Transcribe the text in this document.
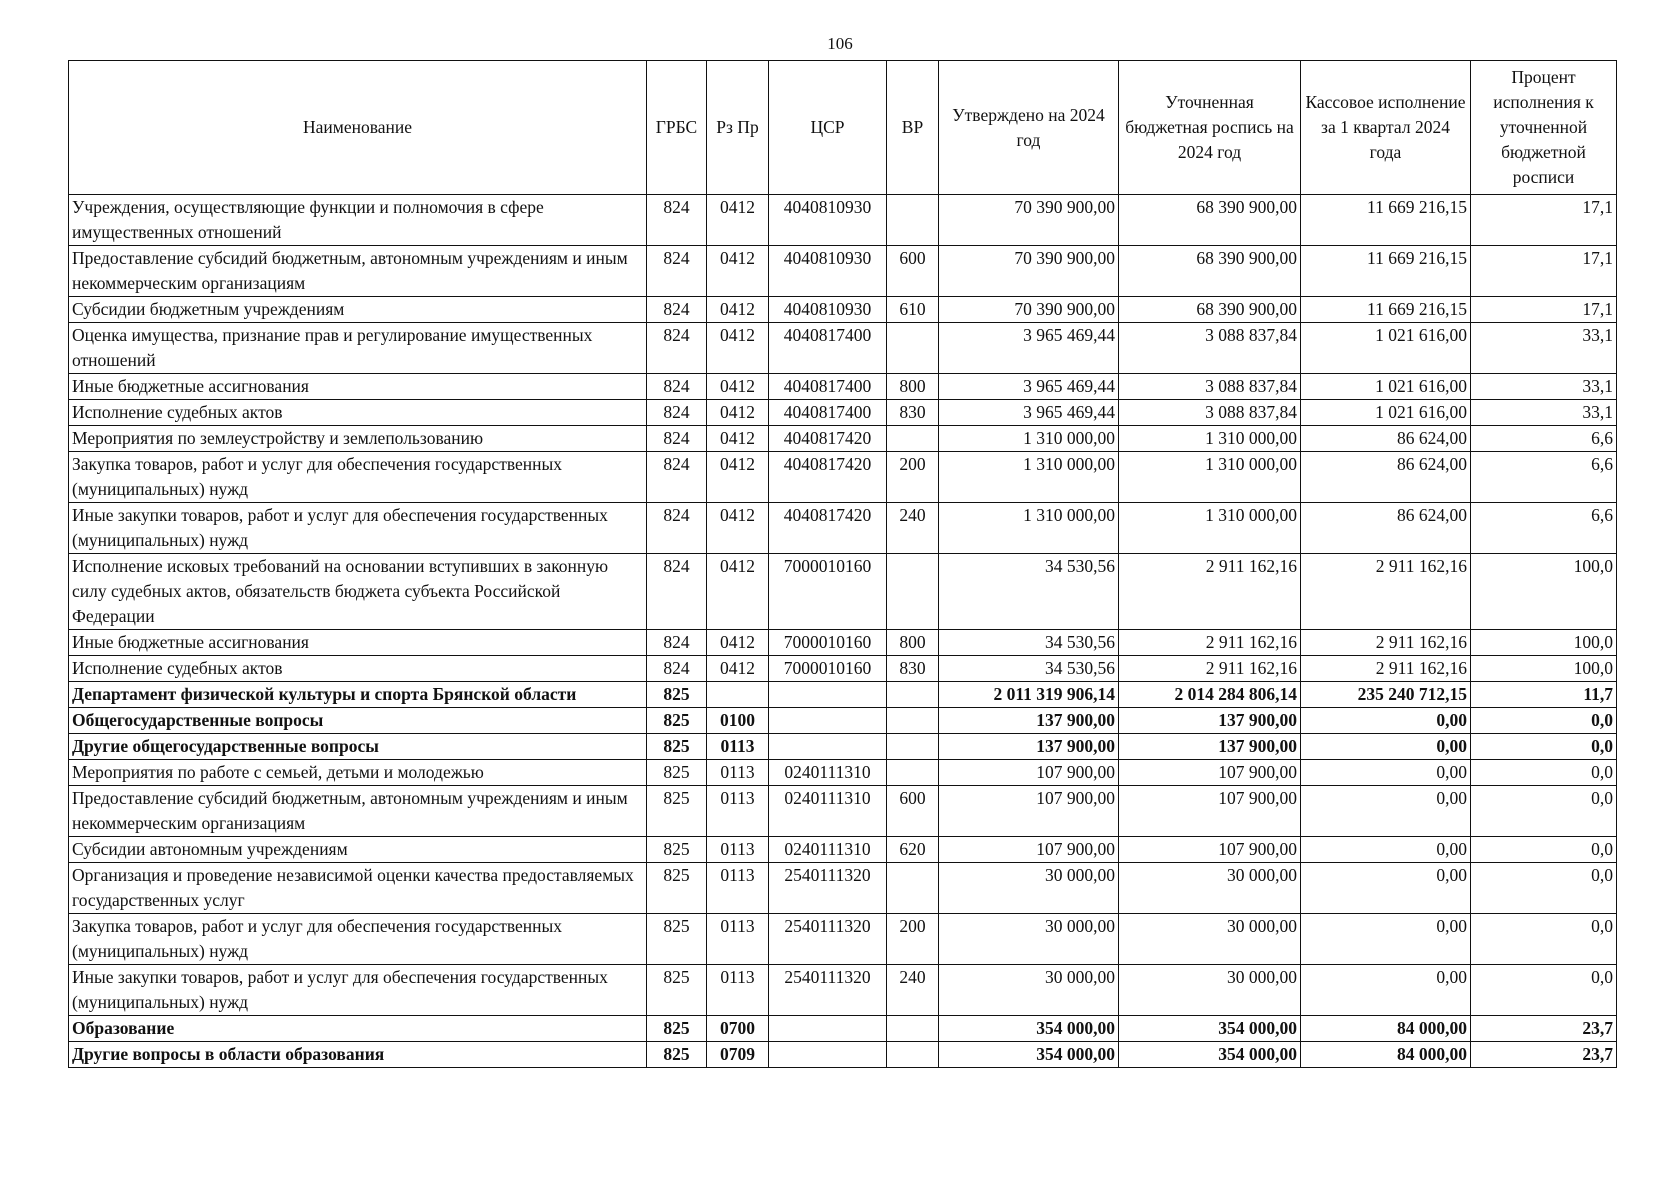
106
Наименование	ГРБС	Рз Пр	ЦСР	ВР	Утверждено на 2024 год	Уточненная бюджетная роспись на 2024 год	Кассовое исполнение за 1 квартал 2024 года	Процент исполнения к уточненной бюджетной росписи
Учреждения, осуществляющие функции и полномочия в сфере имущественных отношений	824	0412	4040810930		70 390 900,00	68 390 900,00	11 669 216,15	17,1
Предоставление субсидий бюджетным, автономным учреждениям и иным некоммерческим организациям	824	0412	4040810930	600	70 390 900,00	68 390 900,00	11 669 216,15	17,1
Субсидии бюджетным учреждениям	824	0412	4040810930	610	70 390 900,00	68 390 900,00	11 669 216,15	17,1
Оценка имущества, признание прав и регулирование имущественных отношений	824	0412	4040817400		3 965 469,44	3 088 837,84	1 021 616,00	33,1
Иные бюджетные ассигнования	824	0412	4040817400	800	3 965 469,44	3 088 837,84	1 021 616,00	33,1
Исполнение судебных актов	824	0412	4040817400	830	3 965 469,44	3 088 837,84	1 021 616,00	33,1
Мероприятия по землеустройству и землепользованию	824	0412	4040817420		1 310 000,00	1 310 000,00	86 624,00	6,6
Закупка товаров, работ и услуг для обеспечения государственных (муниципальных) нужд	824	0412	4040817420	200	1 310 000,00	1 310 000,00	86 624,00	6,6
Иные закупки товаров, работ и услуг для обеспечения государственных (муниципальных) нужд	824	0412	4040817420	240	1 310 000,00	1 310 000,00	86 624,00	6,6
Исполнение исковых требований на основании вступивших в законную силу судебных актов, обязательств бюджета субъекта Российской Федерации	824	0412	7000010160		34 530,56	2 911 162,16	2 911 162,16	100,0
Иные бюджетные ассигнования	824	0412	7000010160	800	34 530,56	2 911 162,16	2 911 162,16	100,0
Исполнение судебных актов	824	0412	7000010160	830	34 530,56	2 911 162,16	2 911 162,16	100,0
Департамент физической культуры и спорта Брянской области	825				2 011 319 906,14	2 014 284 806,14	235 240 712,15	11,7
Общегосударственные вопросы	825	0100			137 900,00	137 900,00	0,00	0,0
Другие общегосударственные вопросы	825	0113			137 900,00	137 900,00	0,00	0,0
Мероприятия по работе с семьей, детьми и молодежью	825	0113	0240111310		107 900,00	107 900,00	0,00	0,0
Предоставление субсидий бюджетным, автономным учреждениям и иным некоммерческим организациям	825	0113	0240111310	600	107 900,00	107 900,00	0,00	0,0
Субсидии автономным учреждениям	825	0113	0240111310	620	107 900,00	107 900,00	0,00	0,0
Организация и проведение независимой оценки качества предоставляемых государственных услуг	825	0113	2540111320		30 000,00	30 000,00	0,00	0,0
Закупка товаров, работ и услуг для обеспечения государственных (муниципальных) нужд	825	0113	2540111320	200	30 000,00	30 000,00	0,00	0,0
Иные закупки товаров, работ и услуг для обеспечения государственных (муниципальных) нужд	825	0113	2540111320	240	30 000,00	30 000,00	0,00	0,0
Образование	825	0700			354 000,00	354 000,00	84 000,00	23,7
Другие вопросы в области образования	825	0709			354 000,00	354 000,00	84 000,00	23,7
